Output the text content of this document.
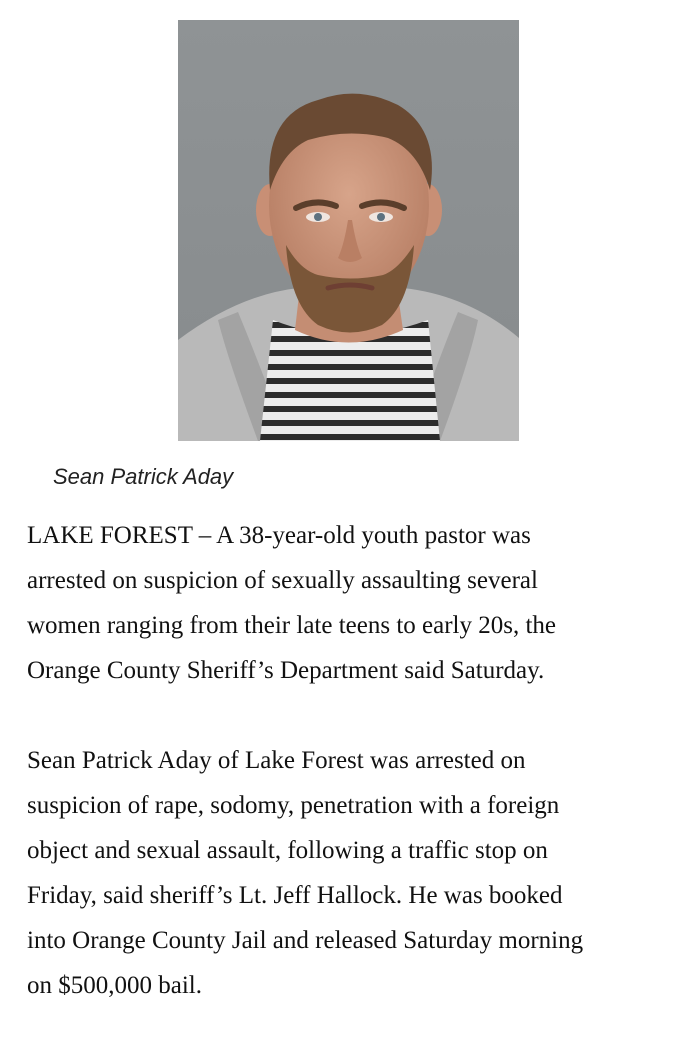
Sean Patrick Aday

LAKE FOREST – A 38-year-old youth pastor was
arrested on suspicion of sexually assaulting several
women ranging from their late teens to early 20s, the
Orange County Sheriff’s Department said Saturday.

Sean Patrick Aday of Lake Forest was arrested on
suspicion of rape, sodomy, penetration with a foreign
object and sexual assault, following a traffic stop on
Friday, said sheriff’s Lt. Jeff Hallock. He was booked
into Orange County Jail and released Saturday morning
on $500,000 bail.
